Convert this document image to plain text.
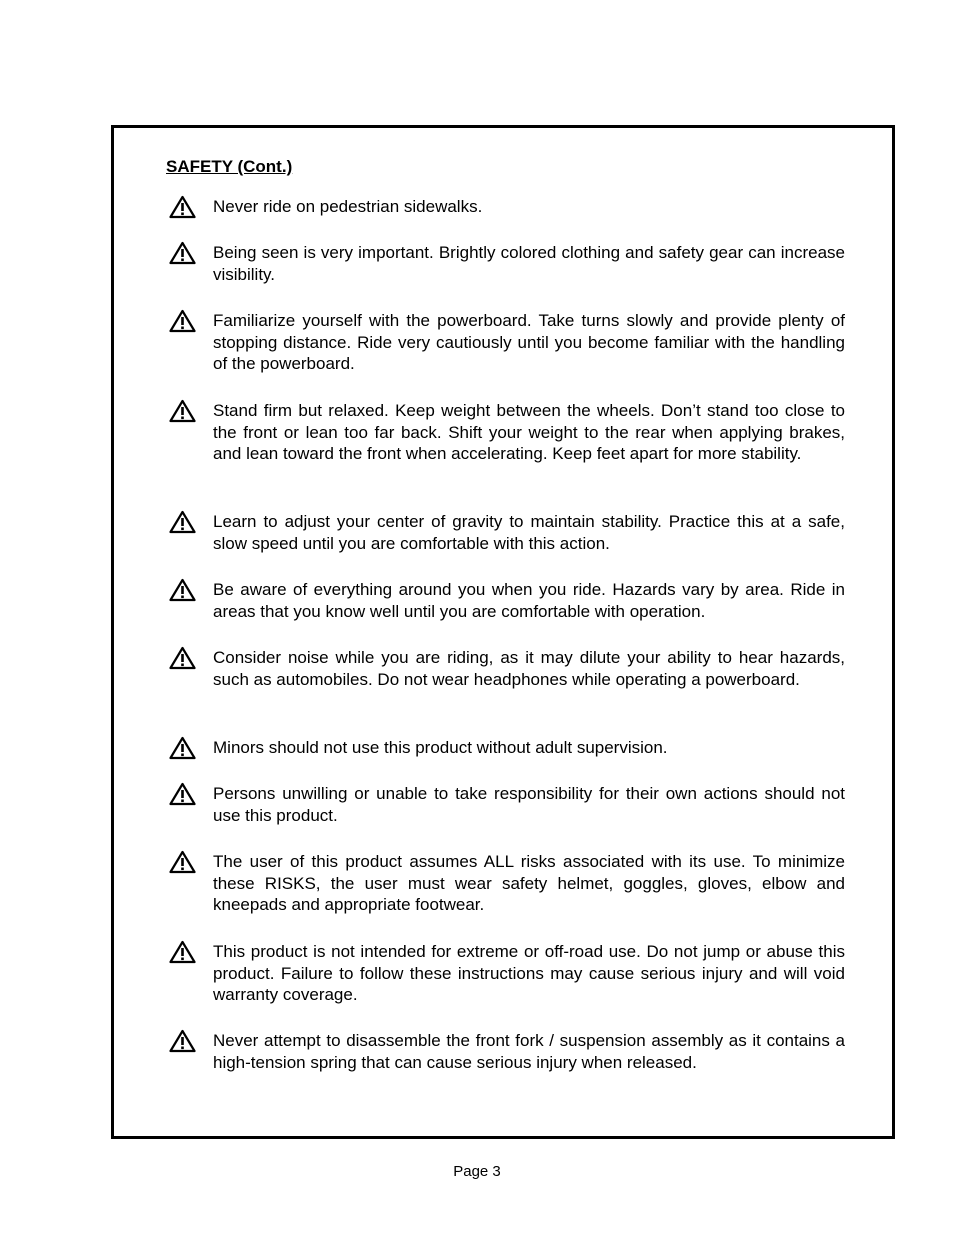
SAFETY (Cont.)

Never ride on pedestrian sidewalks.

Being seen is very important. Brightly colored clothing and safety gear can increase visibility.

Familiarize yourself with the powerboard. Take turns slowly and provide plenty of stopping distance. Ride very cautiously until you become familiar with the handling of the powerboard.

Stand firm but relaxed. Keep weight between the wheels. Don’t stand too close to the front or lean too far back. Shift your weight to the rear when applying brakes, and lean toward the front when accelerating. Keep feet apart for more stability.

Learn to adjust your center of gravity to maintain stability. Practice this at a safe, slow speed until you are comfortable with this action.

Be aware of everything around you when you ride. Hazards vary by area. Ride in areas that you know well until you are comfortable with operation.

Consider noise while you are riding, as it may dilute your ability to hear hazards, such as automobiles. Do not wear headphones while operating a powerboard.

Minors should not use this product without adult supervision.

Persons unwilling or unable to take responsibility for their own actions should not use this product.

The user of this product assumes ALL risks associated with its use. To minimize these RISKS, the user must wear safety helmet, goggles, gloves, elbow and kneepads and appropriate footwear.

This product is not intended for extreme or off-road use. Do not jump or abuse this product. Failure to follow these instructions may cause serious injury and will void warranty coverage.

Never attempt to disassemble the front fork / suspension assembly as it contains a high-tension spring that can cause serious injury when released.

Page 3
